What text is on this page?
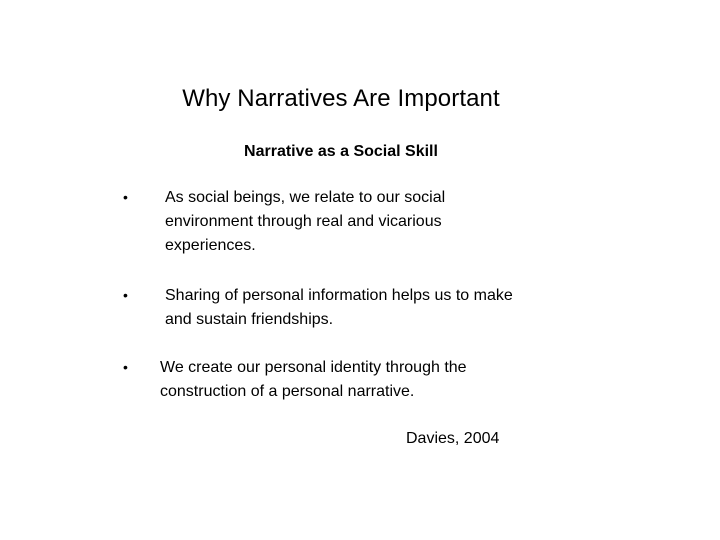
Why Narratives Are Important
Narrative as a Social Skill
• As social beings, we relate to our social environment through real and vicarious experiences.
• Sharing of personal information helps us to make and sustain friendships.
• We create our personal identity through the construction of a personal narrative.
Davies, 2004
